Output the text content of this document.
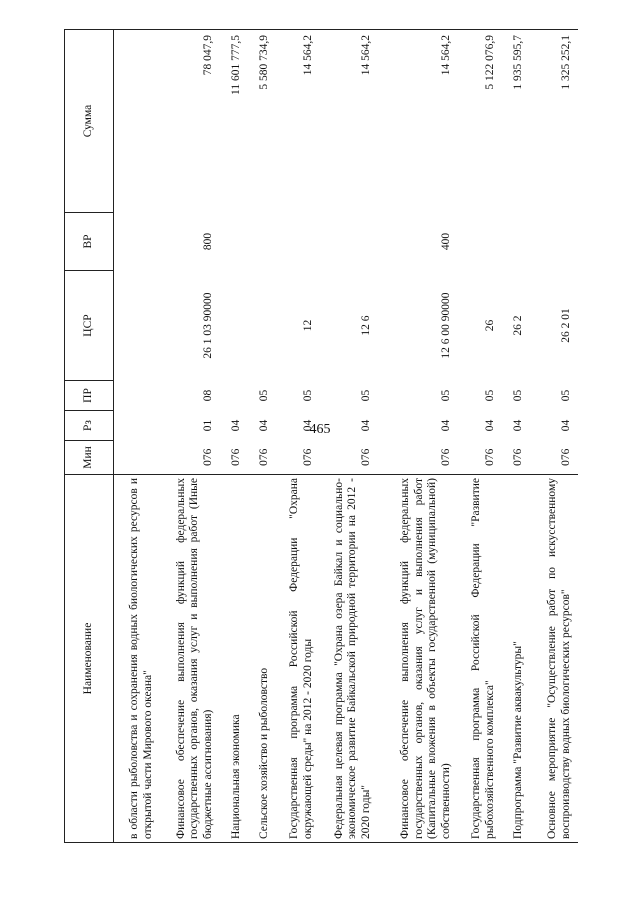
465
Наименование	Мин	Рз	ПР	ЦСР	ВР	Сумма
в области рыболовства и сохранения водных биологических ресурсов и открытой части Мирового океана"						
Финансовое обеспечение выполнения функций федеральных государственных органов, оказания услуг и выполнения работ (Иные бюджетные ассигнования)	076	01	08	26 1 03 90000	800	78 047,9
Национальная экономика	076	04				11 601 777,5
Сельское хозяйство и рыболовство	076	04	05			5 580 734,9
Государственная программа Российской Федерации "Охрана окружающей среды" на 2012 - 2020 годы	076	04	05	12		14 564,2
Федеральная целевая программа "Охрана озера Байкал и социально-экономическое развитие Байкальской природной территории на 2012 - 2020 годы"	076	04	05	12 6		14 564,2
Финансовое обеспечение выполнения функций федеральных государственных органов, оказания услуг и выполнения работ (Капитальные вложения в объекты государственной (муниципальной) собственности)	076	04	05	12 6 00 90000	400	14 564,2
Государственная программа Российской Федерации "Развитие рыбохозяйственного комплекса"	076	04	05	26		5 122 076,9
Подпрограмма "Развитие аквакультуры"	076	04	05	26 2		1 935 595,7
Основное мероприятие "Осуществление работ по искусственному воспроизводству водных биологических ресурсов"	076	04	05	26 2 01		1 325 252,1
